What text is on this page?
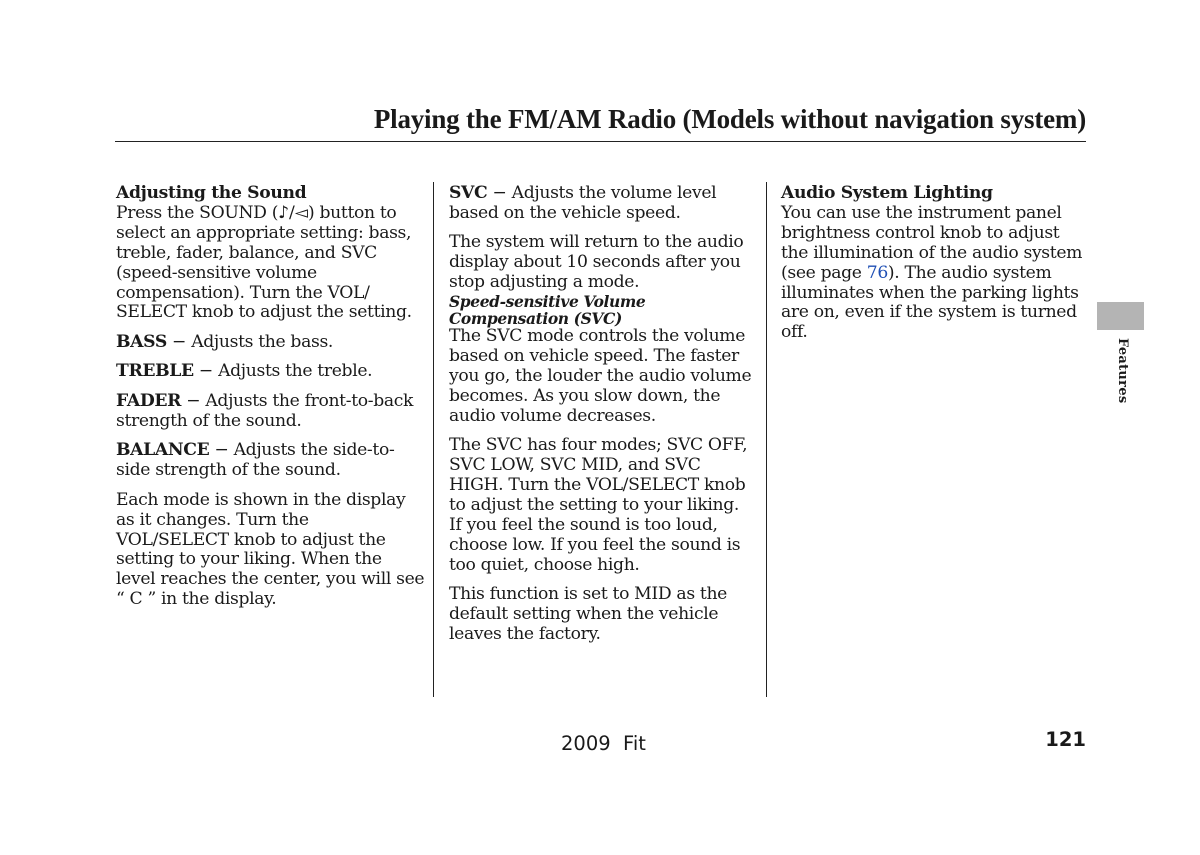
Playing the FM/AM Radio (Models without navigation system)

Adjusting the Sound
Press the SOUND (♪/◅) button to select an appropriate setting: bass, treble, fader, balance, and SVC (speed-sensitive volume compensation). Turn the VOL/ SELECT knob to adjust the setting.

BASS − Adjusts the bass.

TREBLE − Adjusts the treble.

FADER − Adjusts the front-to-back strength of the sound.

BALANCE − Adjusts the side-to-side strength of the sound.

Each mode is shown in the display as it changes. Turn the VOL/SELECT knob to adjust the setting to your liking. When the level reaches the center, you will see “ C ” in the display.

SVC − Adjusts the volume level based on the vehicle speed.

The system will return to the audio display about 10 seconds after you stop adjusting a mode.

Speed-sensitive Volume Compensation (SVC)
The SVC mode controls the volume based on vehicle speed. The faster you go, the louder the audio volume becomes. As you slow down, the audio volume decreases.

The SVC has four modes; SVC OFF, SVC LOW, SVC MID, and SVC HIGH. Turn the VOL/SELECT knob to adjust the setting to your liking. If you feel the sound is too loud, choose low. If you feel the sound is too quiet, choose high.

This function is set to MID as the default setting when the vehicle leaves the factory.

Audio System Lighting
You can use the instrument panel brightness control knob to adjust the illumination of the audio system (see page 76). The audio system illuminates when the parking lights are on, even if the system is turned off.

Features
2009  Fit	121
